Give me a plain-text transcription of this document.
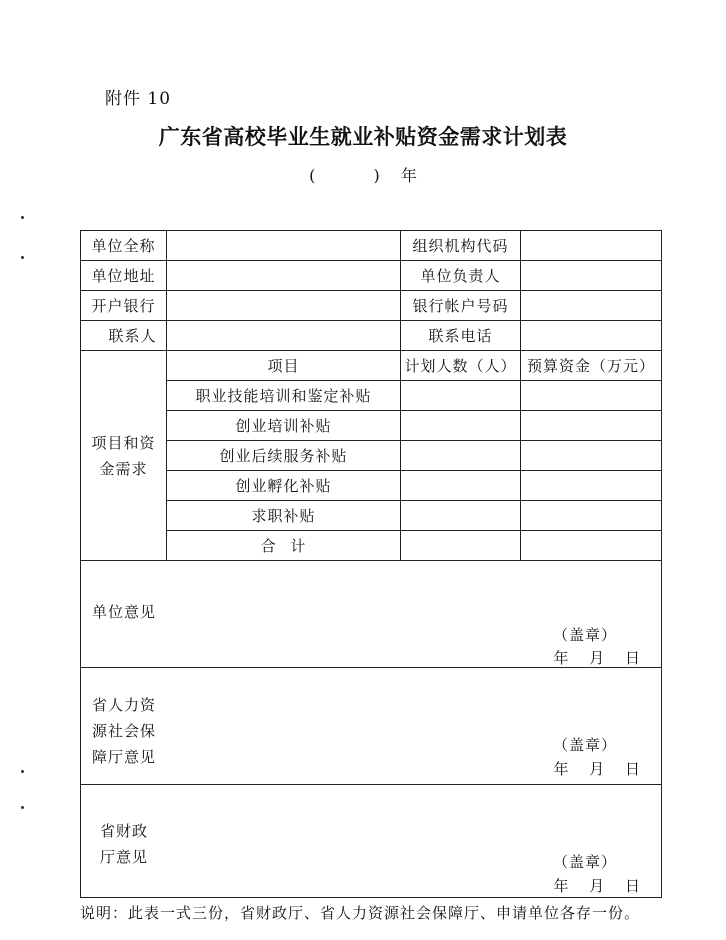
附件 10
广东省高校毕业生就业补贴资金需求计划表
(	) 年
单位全称		组织机构代码	
单位地址		单位负责人	
开户银行		银行帐户号码	
联系人		联系电话	

项目和资
金需求	项目	计划人数（人）	预算资金（万元）
	职业技能培训和鉴定补贴		
	创业培训补贴		
	创业后续服务补贴		
	创业孵化补贴		
	求职补贴		
	合 计		

单位意见
（盖章）
年 月 日			

省人力资源社会保障厅意见
（盖章）
年 月 日			

省财政厅意见 （盖章）
年 月 日			
说明：此表一式三份，省财政厅、省人力资源社会保障厅、申请单位各存一份。
